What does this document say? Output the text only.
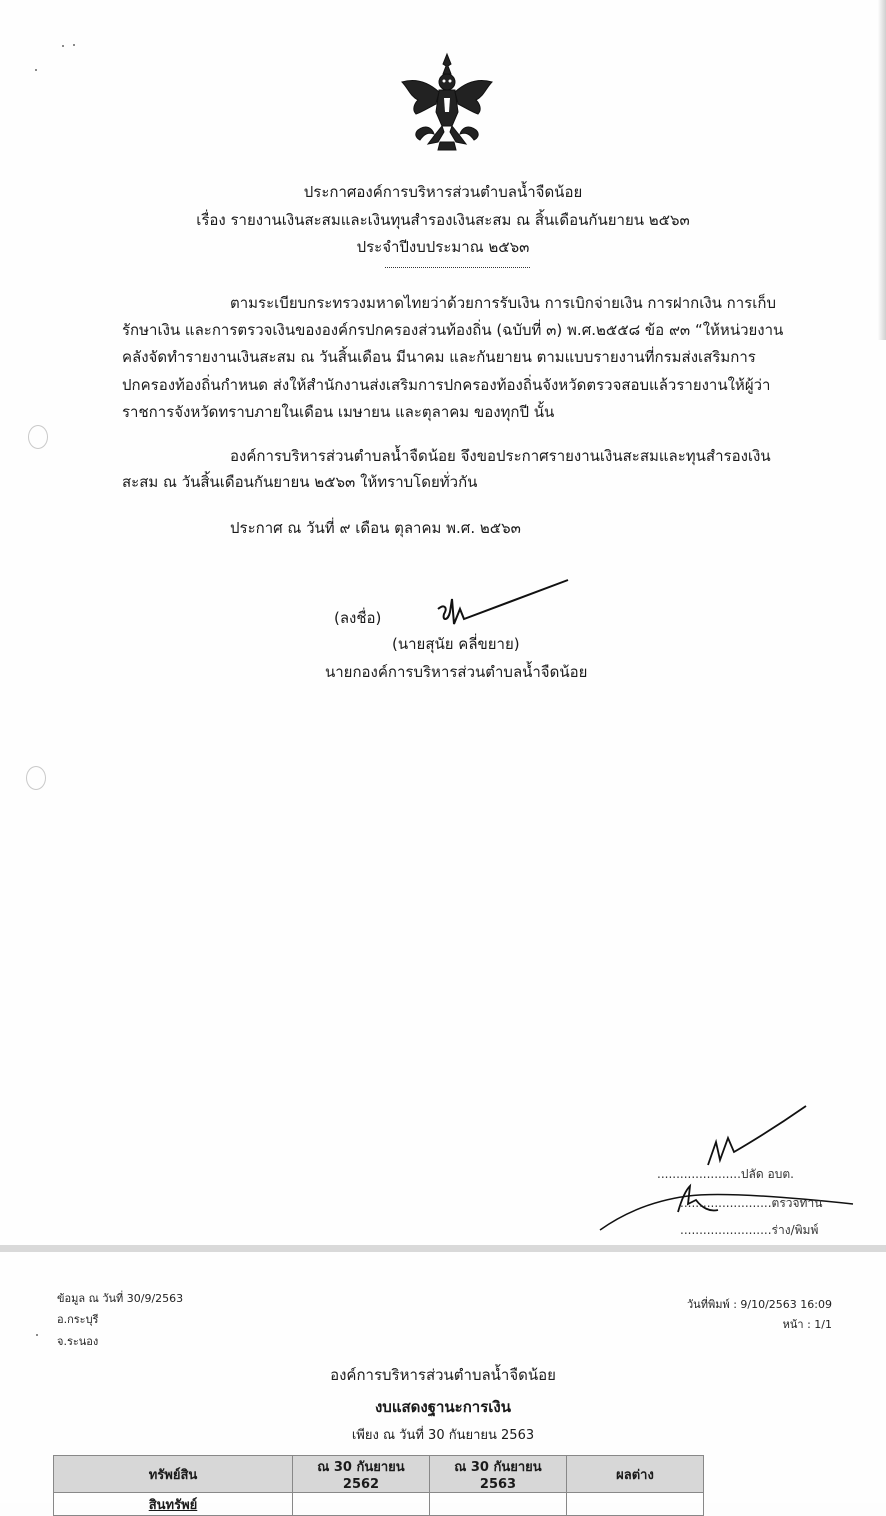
ประกาศองค์การบริหารส่วนตำบลน้ำจืดน้อย
เรื่อง รายงานเงินสะสมและเงินทุนสำรองเงินสะสม ณ สิ้นเดือนกันยายน ๒๕๖๓
ประจำปีงบประมาณ ๒๕๖๓
ตามระเบียบกระทรวงมหาดไทยว่าด้วยการรับเงิน การเบิกจ่ายเงิน การฝากเงิน การเก็บ
รักษาเงิน และการตรวจเงินขององค์กรปกครองส่วนท้องถิ่น (ฉบับที่ ๓) พ.ศ.๒๕๕๘ ข้อ ๙๓ “ให้หน่วยงาน
คลังจัดทำรายงานเงินสะสม ณ วันสิ้นเดือน มีนาคม และกันยายน ตามแบบรายงานที่กรมส่งเสริมการ
ปกครองท้องถิ่นกำหนด ส่งให้สำนักงานส่งเสริมการปกครองท้องถิ่นจังหวัดตรวจสอบแล้วรายงานให้ผู้ว่า
ราชการจังหวัดทราบภายในเดือน เมษายน และตุลาคม ของทุกปี นั้น
องค์การบริหารส่วนตำบลน้ำจืดน้อย จึงขอประกาศรายงานเงินสะสมและทุนสำรองเงิน
สะสม ณ วันสิ้นเดือนกันยายน ๒๕๖๓ ให้ทราบโดยทั่วกัน
ประกาศ ณ วันที่ ๙ เดือน ตุลาคม พ.ศ. ๒๕๖๓
(ลงชื่อ)
(นายสุนัย คลี่ขยาย)
นายกองค์การบริหารส่วนตำบลน้ำจืดน้อย
......................ปลัด อบต.
........................ตรวจทาน
........................ร่าง/พิมพ์
ข้อมูล ณ วันที่ 30/9/2563
อ.กระบุรี
จ.ระนอง
วันที่พิมพ์ : 9/10/2563 16:09
หน้า : 1/1
องค์การบริหารส่วนตำบลน้ำจืดน้อย
งบแสดงฐานะการเงิน
เพียง ณ วันที่ 30 กันยายน 2563
ทรัพย์สิน	ณ 30 กันยายน 2562	ณ 30 กันยายน 2563	ผลต่าง
สินทรัพย์			
